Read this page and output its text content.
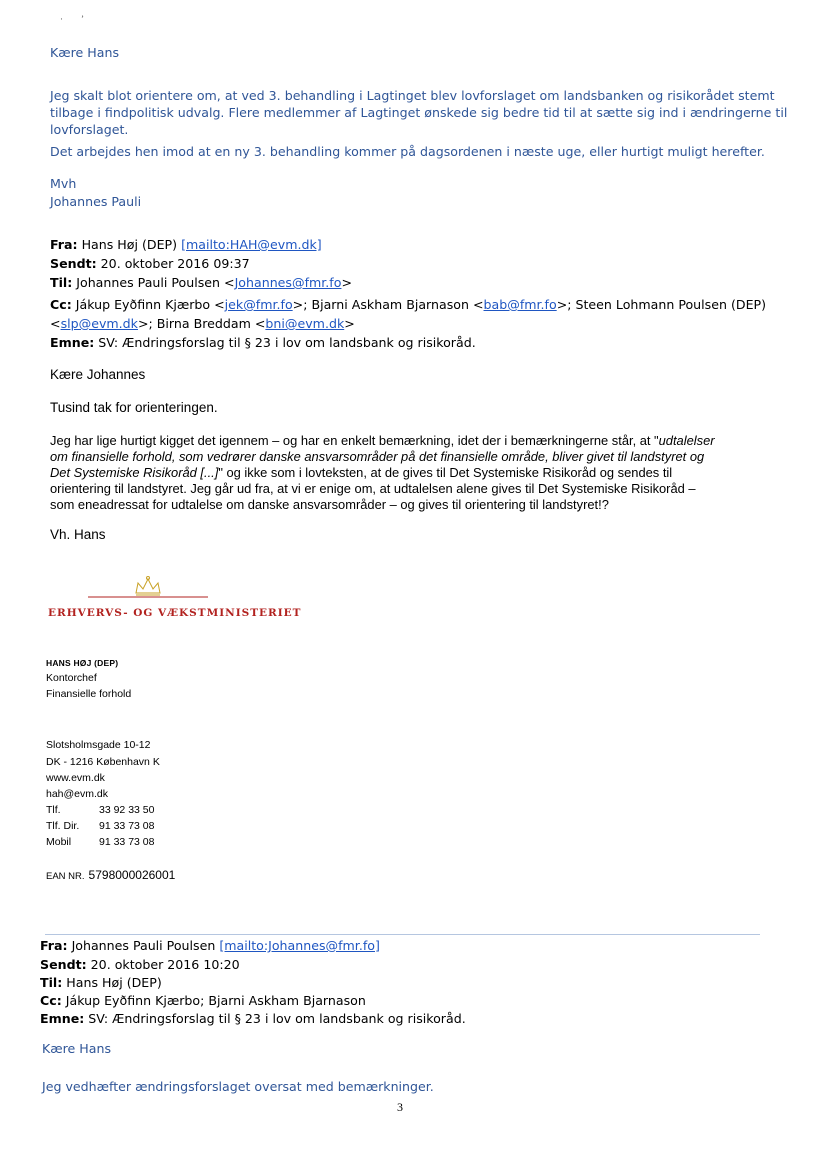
·        ’
Kære Hans
Jeg skalt blot orientere om, at ved 3. behandling i Lagtinget blev lovforslaget om landsbanken og risikorådet stemt
tilbage i findpolitisk udvalg. Flere medlemmer af Lagtinget ønskede sig bedre tid til at sætte sig ind i ændringerne til
lovforslaget.
Det arbejdes hen imod at en ny 3. behandling kommer på dagsordenen i næste uge, eller hurtigt muligt herefter.
Mvh
Johannes Pauli
Fra: Hans Høj (DEP) [mailto:HAH@evm.dk]
Sendt: 20. oktober 2016 09:37
Til: Johannes Pauli Poulsen <Johannes@fmr.fo>
Cc: Jákup Eyðfinn Kjærbo <jek@fmr.fo>; Bjarni Askham Bjarnason <bab@fmr.fo>; Steen Lohmann Poulsen (DEP)
<slp@evm.dk>; Birna Breddam <bni@evm.dk>
Emne: SV: Ændringsforslag til § 23 i lov om landsbank og risikoråd.
Kære Johannes
Tusind tak for orienteringen.
Jeg har lige hurtigt kigget det igennem – og har en enkelt bemærkning, idet der i bemærkningerne står, at "udtalelser
om finansielle forhold, som vedrører danske ansvarsområder på det finansielle område, bliver givet til landstyret og
Det Systemiske Risikoråd [...]" og ikke som i lovteksten, at de gives til Det Systemiske Risikoråd og sendes til
orientering til landstyret. Jeg går ud fra, at vi er enige om, at udtalelsen alene gives til Det Systemiske Risikoråd –
som eneadressat for udtalelse om danske ansvarsområder – og gives til orientering til landstyret!?
Vh. Hans
ERHVERVS- OG VÆKSTMINISTERIET
HANS HØJ (DEP)
Kontorchef
Finansielle forhold
Slotsholmsgade 10-12
DK - 1216 København K
www.evm.dk
hah@evm.dk
Tlf.	33 92 33 50
Tlf. Dir. 91 33 73 08
Mobil	91 33 73 08
EAN NR. 5798000026001
Fra: Johannes Pauli Poulsen [mailto:Johannes@fmr.fo]
Sendt: 20. oktober 2016 10:20
Til: Hans Høj (DEP)
Cc: Jákup Eyðfinn Kjærbo; Bjarni Askham Bjarnason
Emne: SV: Ændringsforslag til § 23 i lov om landsbank og risikoråd.
Kære Hans
Jeg vedhæfter ændringsforslaget oversat med bemærkninger.
3
